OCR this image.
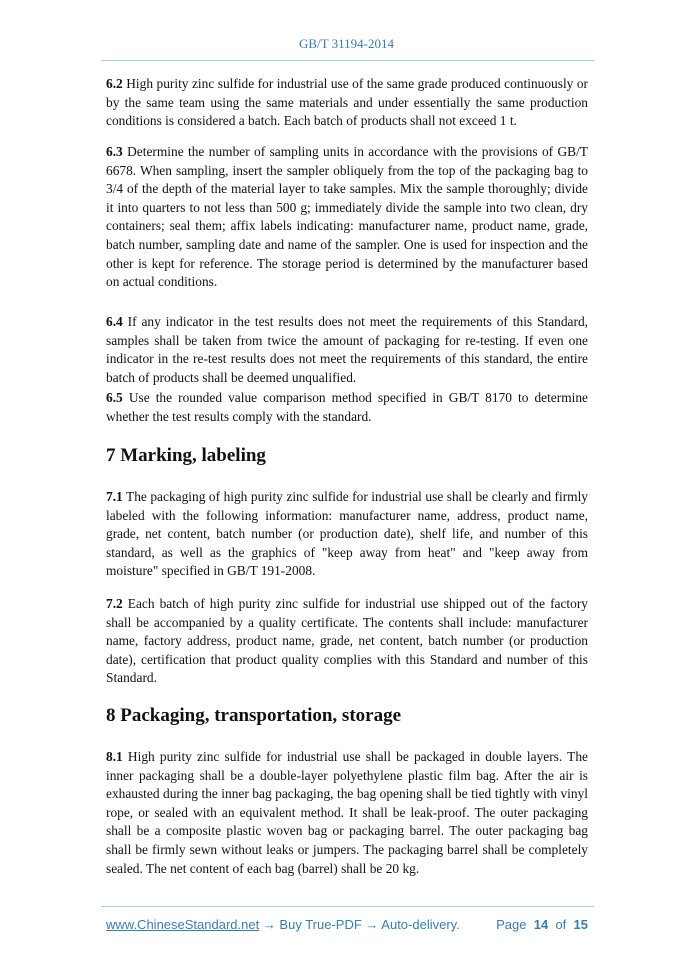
GB/T 31194-2014
6.2 High purity zinc sulfide for industrial use of the same grade produced continuously or by the same team using the same materials and under essentially the same production conditions is considered a batch. Each batch of products shall not exceed 1 t.
6.3 Determine the number of sampling units in accordance with the provisions of GB/T 6678. When sampling, insert the sampler obliquely from the top of the packaging bag to 3/4 of the depth of the material layer to take samples. Mix the sample thoroughly; divide it into quarters to not less than 500 g; immediately divide the sample into two clean, dry containers; seal them; affix labels indicating: manufacturer name, product name, grade, batch number, sampling date and name of the sampler. One is used for inspection and the other is kept for reference. The storage period is determined by the manufacturer based on actual conditions.
6.4 If any indicator in the test results does not meet the requirements of this Standard, samples shall be taken from twice the amount of packaging for re-testing. If even one indicator in the re-test results does not meet the requirements of this standard, the entire batch of products shall be deemed unqualified.
6.5 Use the rounded value comparison method specified in GB/T 8170 to determine whether the test results comply with the standard.
7 Marking, labeling
7.1 The packaging of high purity zinc sulfide for industrial use shall be clearly and firmly labeled with the following information: manufacturer name, address, product name, grade, net content, batch number (or production date), shelf life, and number of this standard, as well as the graphics of "keep away from heat" and "keep away from moisture" specified in GB/T 191-2008.
7.2 Each batch of high purity zinc sulfide for industrial use shipped out of the factory shall be accompanied by a quality certificate. The contents shall include: manufacturer name, factory address, product name, grade, net content, batch number (or production date), certification that product quality complies with this Standard and number of this Standard.
8 Packaging, transportation, storage
8.1 High purity zinc sulfide for industrial use shall be packaged in double layers. The inner packaging shall be a double-layer polyethylene plastic film bag. After the air is exhausted during the inner bag packaging, the bag opening shall be tied tightly with vinyl rope, or sealed with an equivalent method. It shall be leak-proof. The outer packaging shall be a composite plastic woven bag or packaging barrel. The outer packaging bag shall be firmly sewn without leaks or jumpers. The packaging barrel shall be completely sealed. The net content of each bag (barrel) shall be 20 kg.
www.ChineseStandard.net → Buy True-PDF → Auto-delivery.	Page 14 of 15
